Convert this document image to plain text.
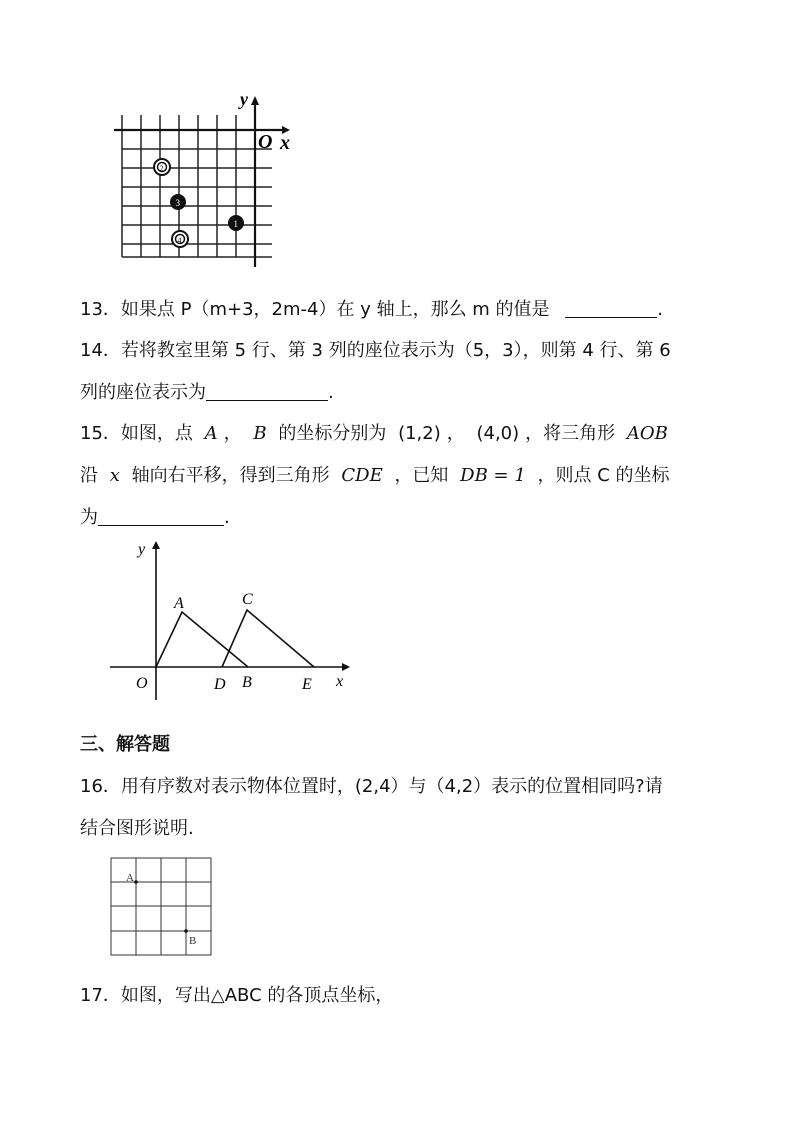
y
O x
2
3
1
4
13．如果点 P（m+3，2m-4）在 y 轴上，那么 m 的值是	.
14．若将教室里第 5 行、第 3 列的座位表示为（5，3），则第 4 行、第 6
列的座位表示为	.
15．如图，点 A ， B 的坐标分别为 (1,2) ， (4,0) ，将三角形 AOB
沿 x 轴向右平移，得到三角形 CDE ，已知 DB = 1 ，则点 C 的坐标
为	.
y
A	C
O	D B	E x
三、解答题
16．用有序数对表示物体位置时，(2,4）与（4,2）表示的位置相同吗?请
结合图形说明.
A
B
17．如图，写出△ABC 的各顶点坐标，
